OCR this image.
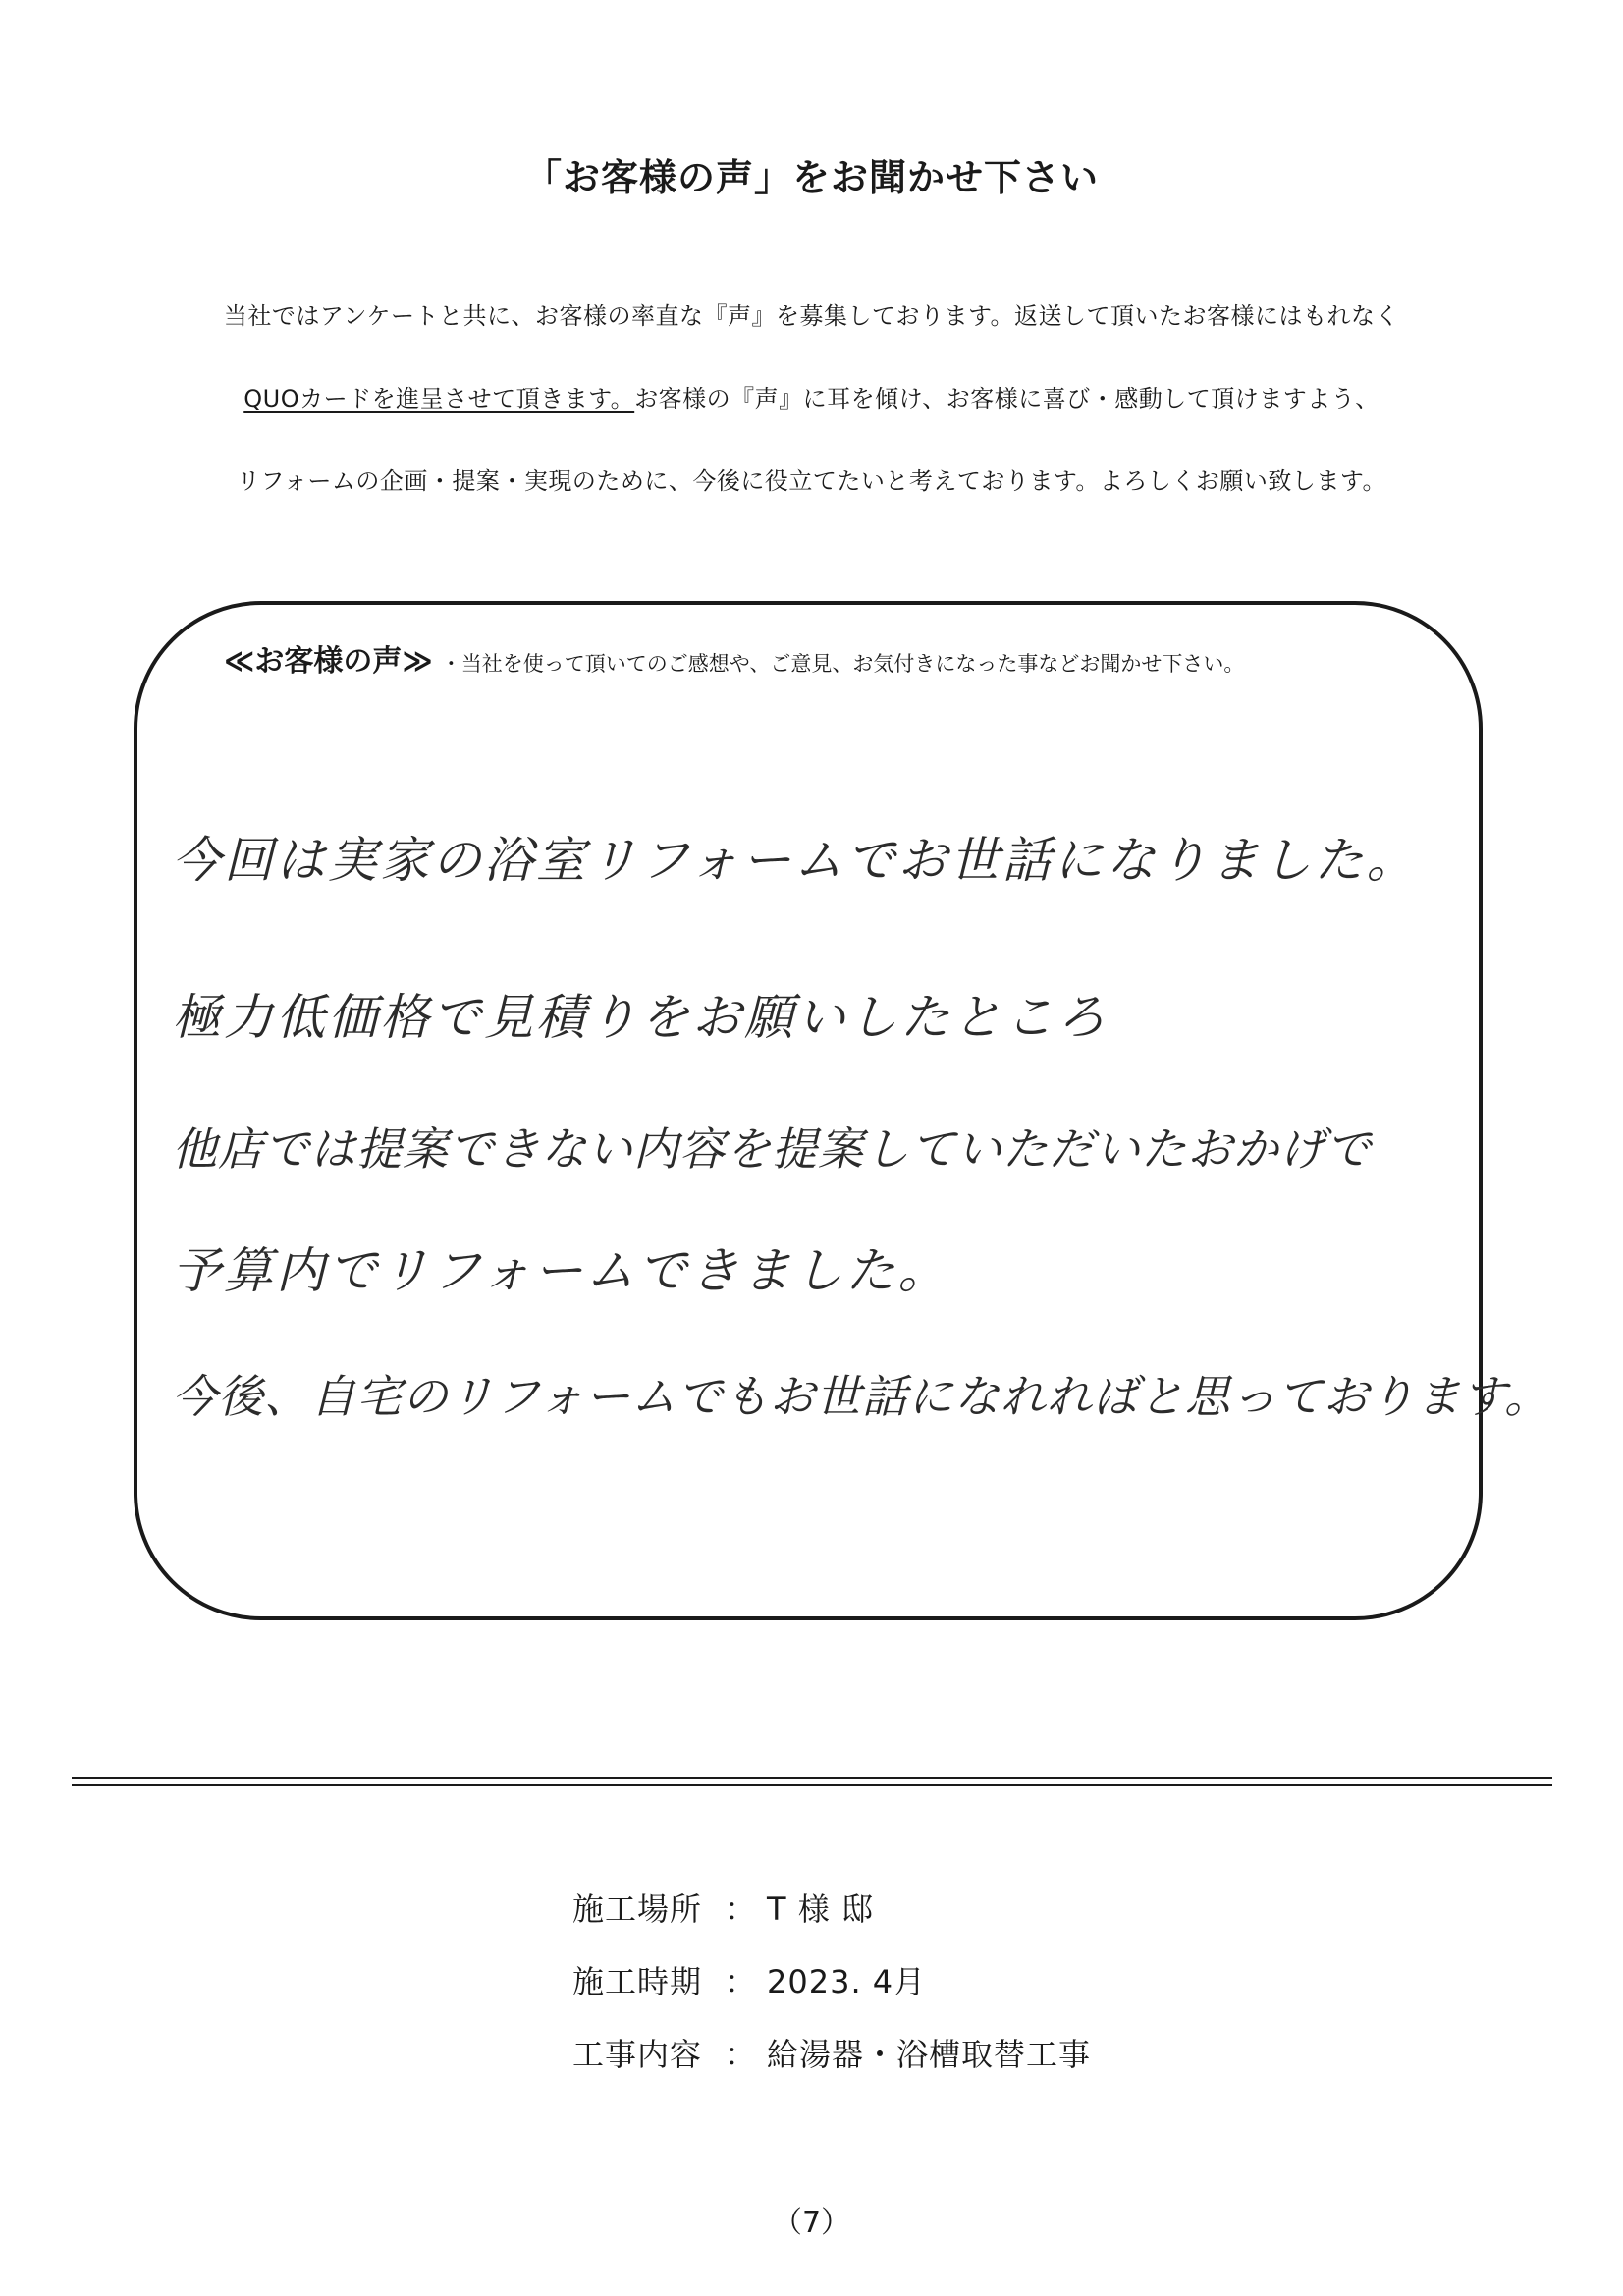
「お客様の声」をお聞かせ下さい
当社ではアンケートと共に、お客様の率直な『声』を募集しております。返送して頂いたお客様にはもれなく
QUOカードを進呈させて頂きます。お客様の『声』に耳を傾け、お客様に喜び・感動して頂けますよう、
リフォームの企画・提案・実現のために、今後に役立てたいと考えております。よろしくお願い致します。
≪お客様の声≫ ・当社を使って頂いてのご感想や、ご意見、お気付きになった事などお聞かせ下さい。
今回は実家の浴室リフォームでお世話になりました。
極力低価格で見積りをお願いしたところ
他店では提案できない内容を提案していただいたおかげで
予算内でリフォームできました。
今後、自宅のリフォームでもお世話になれればと思っております。
施工場所 ： T 様 邸
施工時期 ： 2023. 4月
工事内容 ： 給湯器・浴槽取替工事
（7）
